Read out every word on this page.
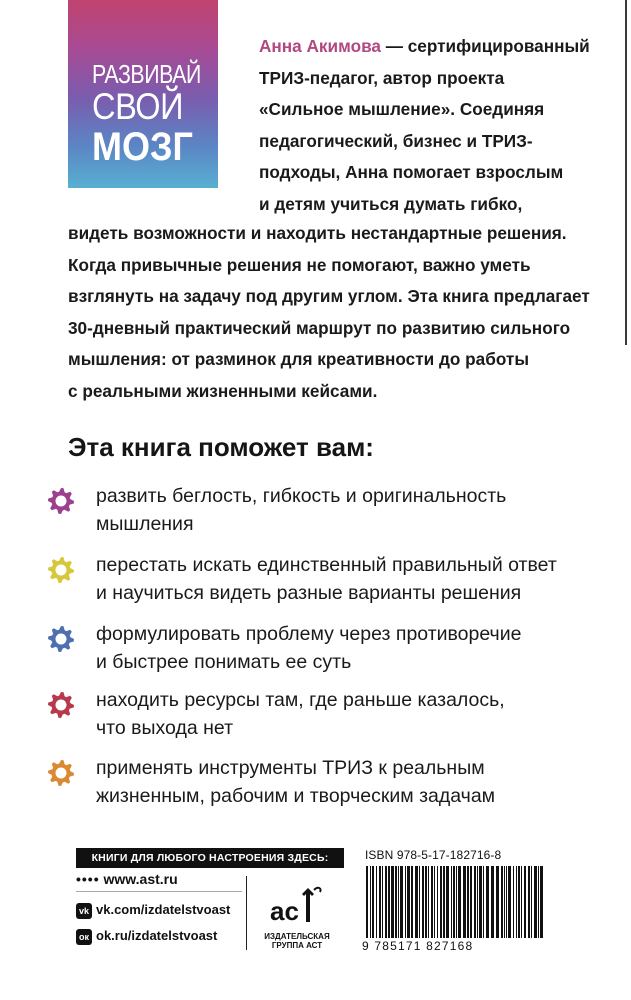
РАЗВИВАЙ
СВОЙ
МОЗГ
Анна Акимова — сертифицированный
ТРИЗ-педагог, автор проекта
«Сильное мышление». Соединяя
педагогический, бизнес и ТРИЗ-
подходы, Анна помогает взрослым
и детям учиться думать гибко,
видеть возможности и находить нестандартные решения.
Когда привычные решения не помогают, важно уметь
взглянуть на задачу под другим углом. Эта книга предлагает
30-дневный практический маршрут по развитию сильного
мышления: от разминок для креативности до работы
с реальными жизненными кейсами.
Эта книга поможет вам:
развить беглость, гибкость и оригинальность
мышления
перестать искать единственный правильный ответ
и научиться видеть разные варианты решения
формулировать проблему через противоречие
и быстрее понимать ее суть
находить ресурсы там, где раньше казалось,
что выхода нет
применять инструменты ТРИЗ к реальным
жизненным, рабочим и творческим задачам
КНИГИ ДЛЯ ЛЮБОГО НАСТРОЕНИЯ ЗДЕСЬ:
•••• www.ast.ru
vk vk.com/izdatelstvoast
ок ok.ru/izdatelstvoast
ac
ИЗДАТЕЛЬСКАЯ
ГРУППА АСТ
ISBN 978-5-17-182716-8
9 785171 827168
